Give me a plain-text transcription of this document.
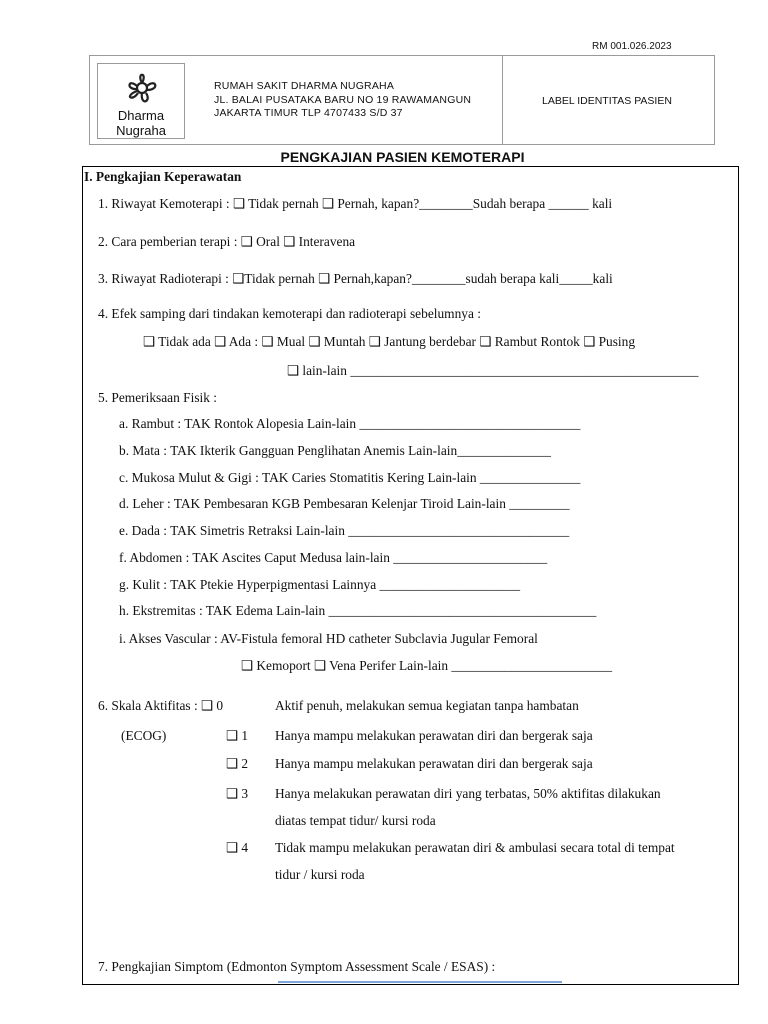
RM 001.026.2023
Dharma
Nugraha
RUMAH SAKIT DHARMA NUGRAHA
JL. BALAI PUSATAKA BARU NO 19 RAWAMANGUN
JAKARTA TIMUR TLP 4707433 S/D 37
LABEL IDENTITAS PASIEN
PENGKAJIAN PASIEN KEMOTERAPI
I. Pengkajian Keperawatan
1. Riwayat Kemoterapi : ❑ Tidak pernah ❑ Pernah, kapan?________Sudah berapa ______ kali
2. Cara pemberian terapi : ❑ Oral ❑ Interavena
3. Riwayat Radioterapi : ❑Tidak pernah ❑ Pernah,kapan?________sudah berapa kali_____kali
4. Efek samping dari tindakan kemoterapi dan radioterapi sebelumnya :
❑ Tidak ada ❑ Ada : ❑ Mual ❑ Muntah ❑ Jantung berdebar ❑ Rambut Rontok ❑ Pusing
❑ lain-lain ____________________________________________________
5. Pemeriksaan Fisik :
a. Rambut : TAK Rontok Alopesia Lain-lain _________________________________
b. Mata : TAK Ikterik Gangguan Penglihatan Anemis Lain-lain______________
c. Mukosa Mulut & Gigi : TAK Caries Stomatitis Kering Lain-lain _______________
d. Leher : TAK Pembesaran KGB Pembesaran Kelenjar Tiroid Lain-lain _________
e. Dada : TAK Simetris Retraksi Lain-lain _________________________________
f. Abdomen : TAK Ascites Caput Medusa lain-lain _______________________
g. Kulit : TAK Ptekie Hyperpigmentasi Lainnya _____________________
h. Ekstremitas : TAK Edema Lain-lain ________________________________________
i. Akses Vascular : AV-Fistula femoral HD catheter Subclavia Jugular Femoral
❑ Kemoport ❑ Vena Perifer Lain-lain ________________________
6. Skala Aktifitas : ❑ 0
(ECOG)
Aktif penuh, melakukan semua kegiatan tanpa hambatan
❑ 1 Hanya mampu melakukan perawatan diri dan bergerak saja
❑ 2 Hanya mampu melakukan perawatan diri dan bergerak saja
❑ 3 Hanya melakukan perawatan diri yang terbatas, 50% aktifitas dilakukan
diatas tempat tidur/ kursi roda
❑ 4 Tidak mampu melakukan perawatan diri & ambulasi secara total di tempat
tidur / kursi roda
7. Pengkajian Simptom (Edmonton Symptom Assessment Scale / ESAS) :
